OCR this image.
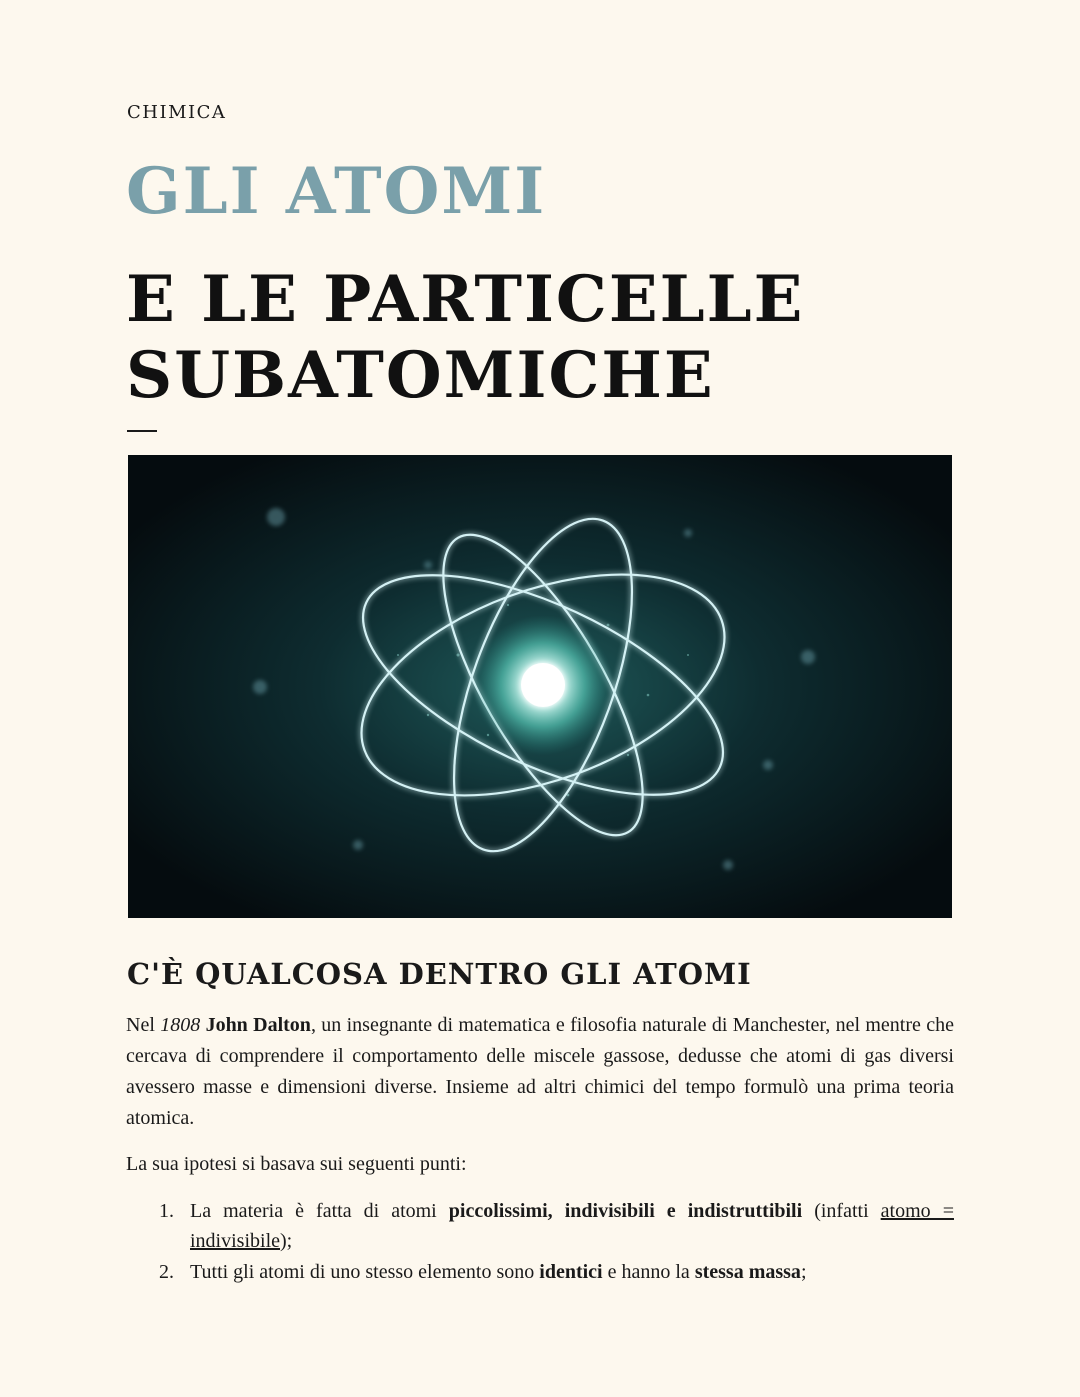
CHIMICA
GLI ATOMI
E LE PARTICELLE
SUBATOMICHE
C'È QUALCOSA DENTRO GLI ATOMI

Nel 1808 John Dalton, un insegnante di matematica e filosofia naturale di Manchester, nel mentre che cercava di comprendere il comportamento delle miscele gassose, dedusse che atomi di gas diversi avessero masse e dimensioni diverse. Insieme ad altri chimici del tempo formulò una prima teoria atomica.

La sua ipotesi si basava sui seguenti punti:

1. La materia è fatta di atomi piccolissimi, indivisibili e indistruttibili (infatti atomo = indivisibile);
2. Tutti gli atomi di uno stesso elemento sono identici e hanno la stessa massa;
